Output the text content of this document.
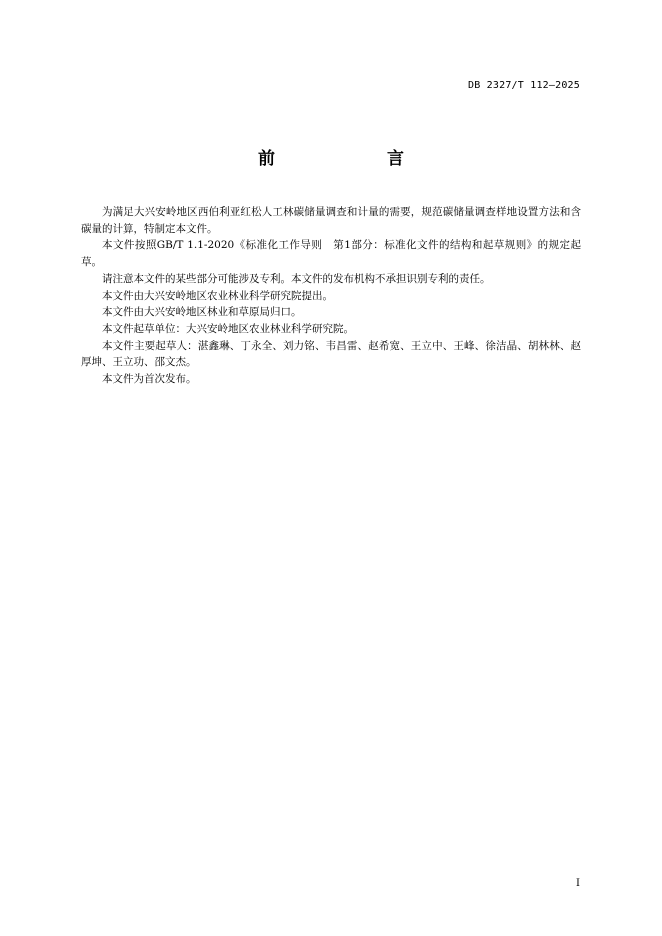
DB 2327/T 112—2025
前　　言

为满足大兴安岭地区西伯利亚红松人工林碳储量调查和计量的需要，规范碳储量调查样地设置方法和含碳量的计算，特制定本文件。

本文件按照GB/T 1.1-2020《标准化工作导则　第1部分：标准化文件的结构和起草规则》的规定起草。

请注意本文件的某些部分可能涉及专利。本文件的发布机构不承担识别专利的责任。

本文件由大兴安岭地区农业林业科学研究院提出。

本文件由大兴安岭地区林业和草原局归口。

本文件起草单位：大兴安岭地区农业林业科学研究院。

本文件主要起草人：湛鑫琳、丁永全、刘力铭、韦昌雷、赵希宽、王立中、王峰、徐洁晶、胡林林、赵厚坤、王立功、邵文杰。

本文件为首次发布。

I
